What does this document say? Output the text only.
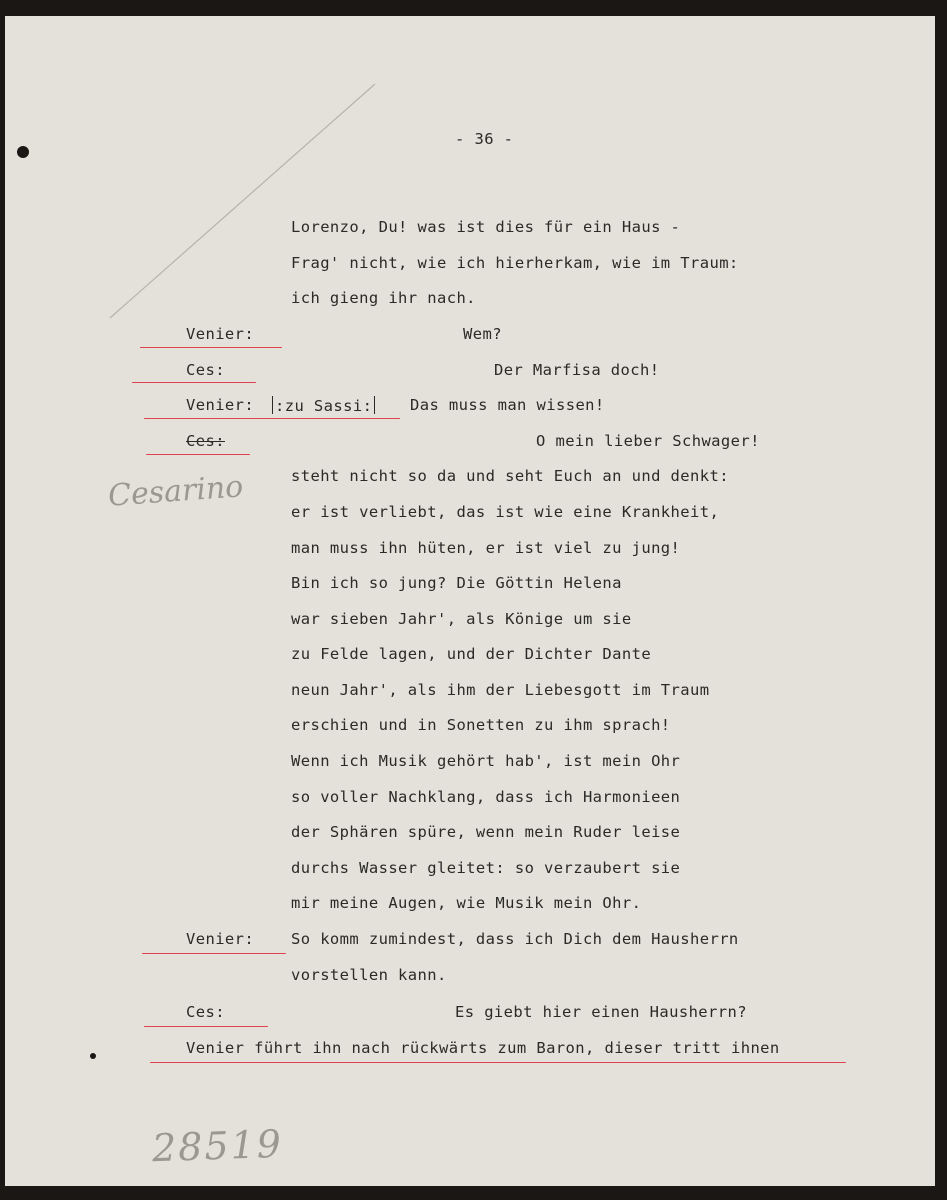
- 36 -

Lorenzo, Du! was ist dies für ein Haus -

Frag' nicht, wie ich hierherkam, wie im Traum:

ich gieng ihr nach.

Venier:	Wem?

Ces:	Der Marfisa doch!

Venier:	:zu Sassi:	Das muss man wissen!

Ces:	O mein lieber Schwager!

Cesarino	steht nicht so da und seht Euch an und denkt:

er ist verliebt, das ist wie eine Krankheit,

man muss ihn hüten, er ist viel zu jung!

Bin ich so jung? Die Göttin Helena

war sieben Jahr', als Könige um sie

zu Felde lagen, und der Dichter Dante

neun Jahr', als ihm der Liebesgott im Traum

erschien und in Sonetten zu ihm sprach!

Wenn ich Musik gehört hab', ist mein Ohr

so voller Nachklang, dass ich Harmonieen

der Sphären spüre, wenn mein Ruder leise

durchs Wasser gleitet: so verzaubert sie

mir meine Augen, wie Musik mein Ohr.

Venier: So komm zumindest, dass ich Dich dem Hausherrn

vorstellen kann.

Ces:	Es giebt hier einen Hausherrn?

Venier führt ihn nach rückwärts zum Baron, dieser tritt ihnen

28519
